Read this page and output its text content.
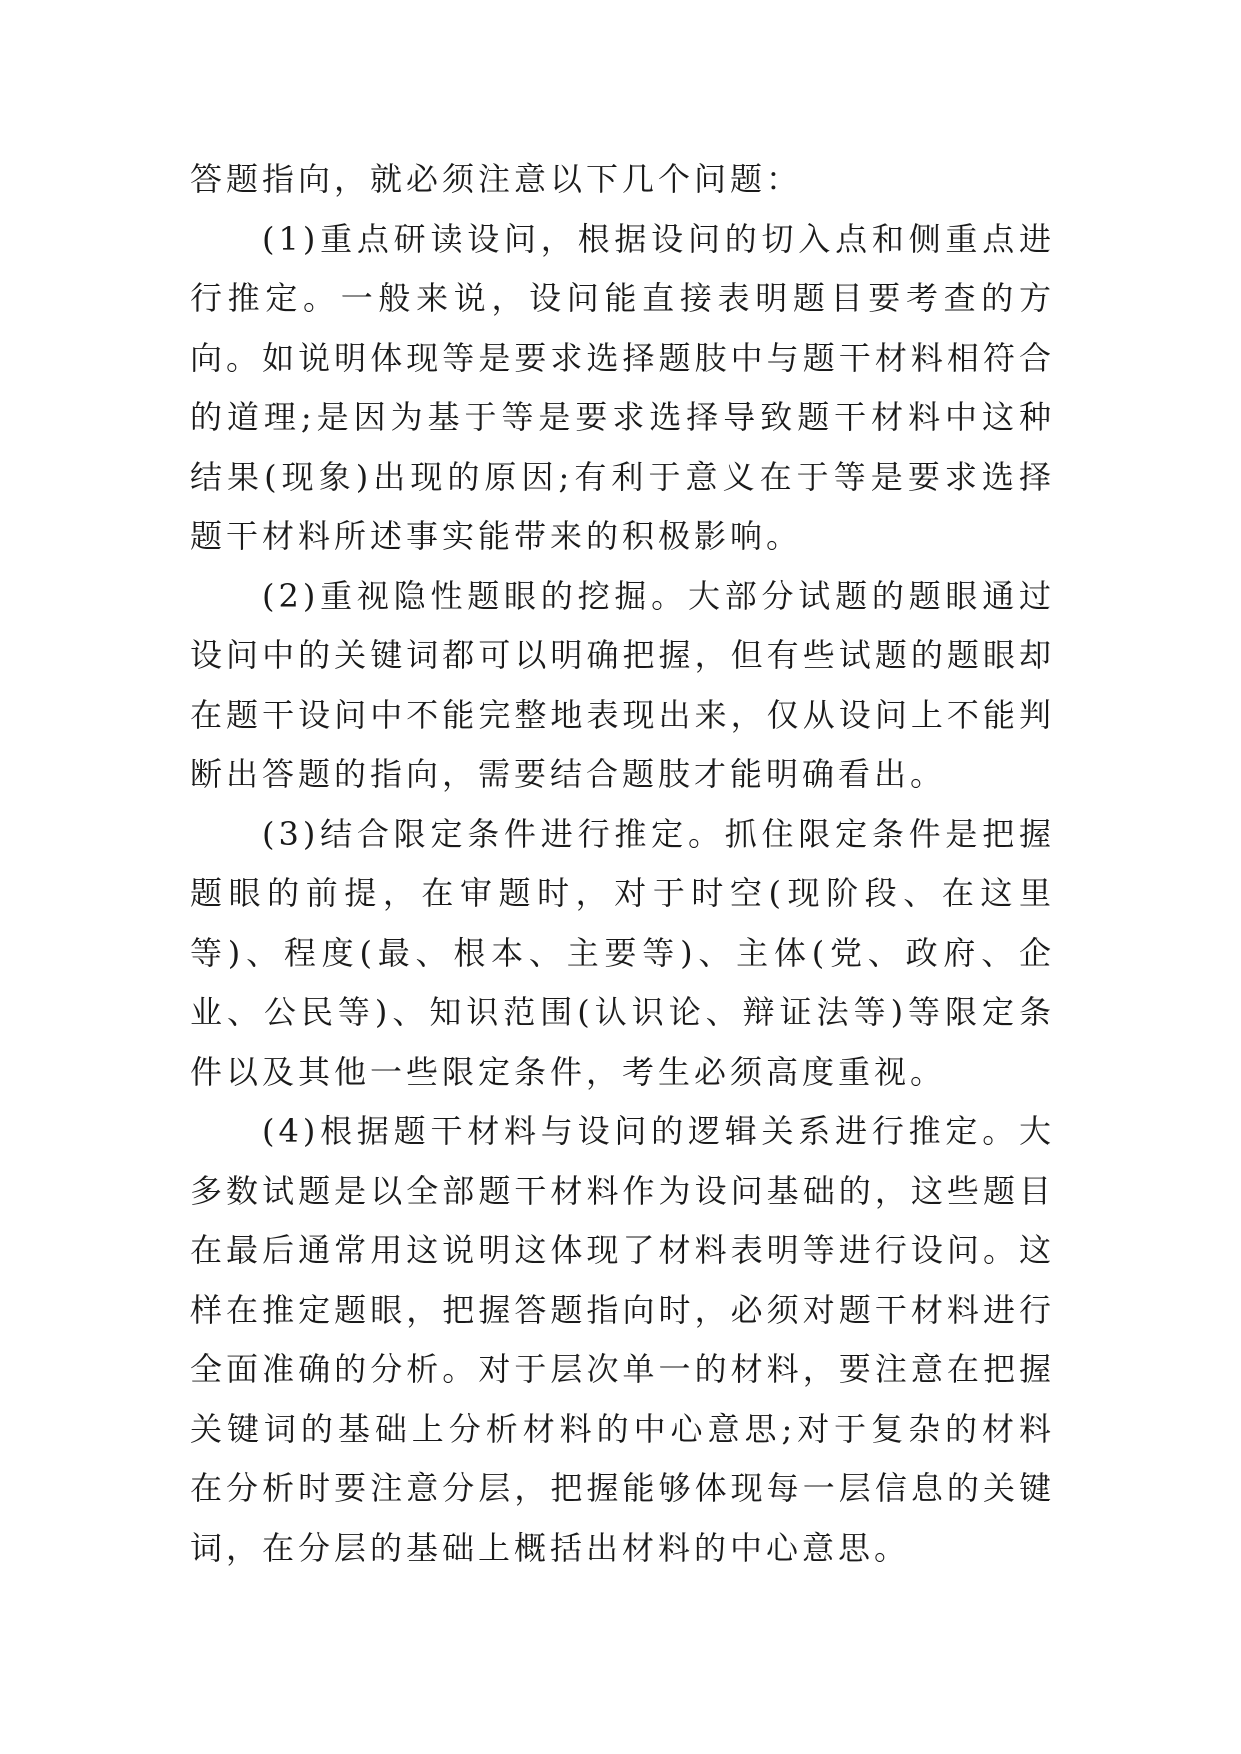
答题指向，就必须注意以下几个问题：

(1)重点研读设问，根据设问的切入点和侧重点进行推定。一般来说，设问能直接表明题目要考查的方向。如说明体现等是要求选择题肢中与题干材料相符合的道理;是因为基于等是要求选择导致题干材料中这种结果(现象)出现的原因;有利于意义在于等是要求选择题干材料所述事实能带来的积极影响。

(2)重视隐性题眼的挖掘。大部分试题的题眼通过设问中的关键词都可以明确把握，但有些试题的题眼却在题干设问中不能完整地表现出来，仅从设问上不能判断出答题的指向，需要结合题肢才能明确看出。

(3)结合限定条件进行推定。抓住限定条件是把握题眼的前提，在审题时，对于时空(现阶段、在这里等)、程度(最、根本、主要等)、主体(党、政府、企业、公民等)、知识范围(认识论、辩证法等)等限定条件以及其他一些限定条件，考生必须高度重视。

(4)根据题干材料与设问的逻辑关系进行推定。大多数试题是以全部题干材料作为设问基础的，这些题目在最后通常用这说明这体现了材料表明等进行设问。这样在推定题眼，把握答题指向时，必须对题干材料进行全面准确的分析。对于层次单一的材料，要注意在把握关键词的基础上分析材料的中心意思;对于复杂的材料在分析时要注意分层，把握能够体现每一层信息的关键词，在分层的基础上概括出材料的中心意思。
